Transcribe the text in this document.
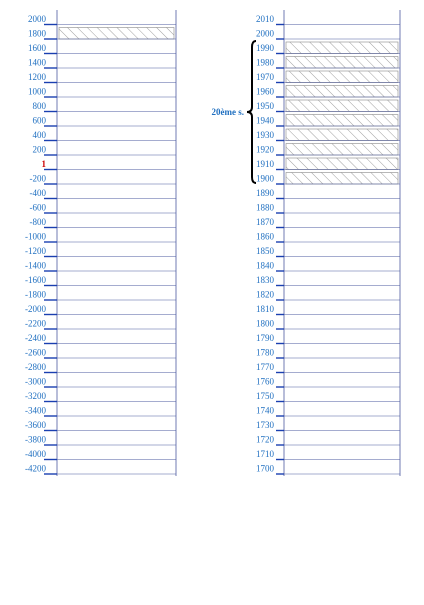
2000
1800
1600
1400
1200
1000
800
600
400
200
1
-200
-400
-600
-800
-1000
-1200
-1400
-1600
-1800
-2000
-2200
-2400
-2600
-2800
-3000
-3200
-3400
-3600
-3800
-4000
-4200
2010
2000
1990
1980
1970
1960
1950
1940
1930
1920
1910
1900
1890
1880
1870
1860
1850
1840
1830
1820
1810
1800
1790
1780
1770
1760
1750
1740
1730
1720
1710
1700
20ème s.
